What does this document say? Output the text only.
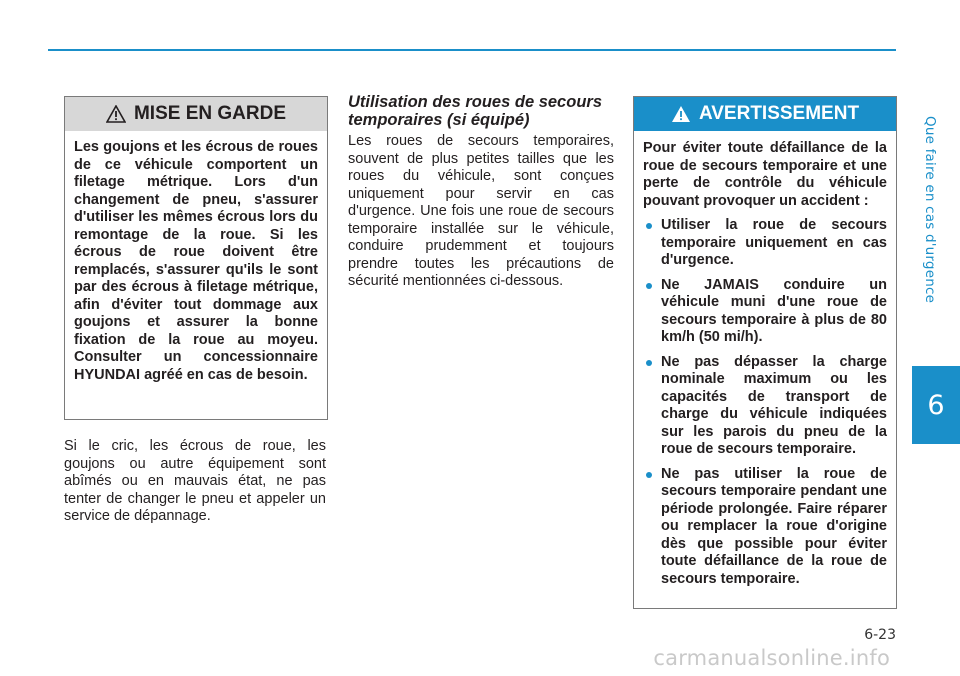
Que faire en cas d'urgence
6
MISE EN GARDE
Les goujons et les écrous de roues de ce véhicule comportent un filetage métrique. Lors d'un changement de pneu, s'assurer d'utiliser les mêmes écrous lors du remontage de la roue. Si les écrous de roue doivent être remplacés, s'assurer qu'ils le sont par des écrous à filetage métrique, afin d'éviter tout dommage aux goujons et assurer la bonne fixation de la roue au moyeu. Consulter un concessionnaire HYUNDAI agréé en cas de besoin.
Si le cric, les écrous de roue, les goujons ou autre équipement sont abîmés ou en mauvais état, ne pas tenter de changer le pneu et appeler un service de dépannage.
Utilisation des roues de secours temporaires (si équipé)
Les roues de secours temporaires, souvent de plus petites tailles que les roues du véhicule, sont conçues uniquement pour servir en cas d'urgence. Une fois une roue de secours temporaire installée sur le véhicule, conduire prudemment et toujours prendre toutes les précautions de sécurité mentionnées ci-dessous.
AVERTISSEMENT
Pour éviter toute défaillance de la roue de secours temporaire et une perte de contrôle du véhicule pouvant provoquer un accident :
Utiliser la roue de secours temporaire uniquement en cas d'urgence.
Ne JAMAIS conduire un véhicule muni d'une roue de secours temporaire à plus de 80 km/h (50 mi/h).
Ne pas dépasser la charge nominale maximum ou les capacités de transport de charge du véhicule indiquées sur les parois du pneu de la roue de secours temporaire.
Ne pas utiliser la roue de secours temporaire pendant une période prolongée. Faire réparer ou remplacer la roue d'origine dès que possible pour éviter toute défaillance de la roue de secours temporaire.
6-23
carmanualsonline.info
